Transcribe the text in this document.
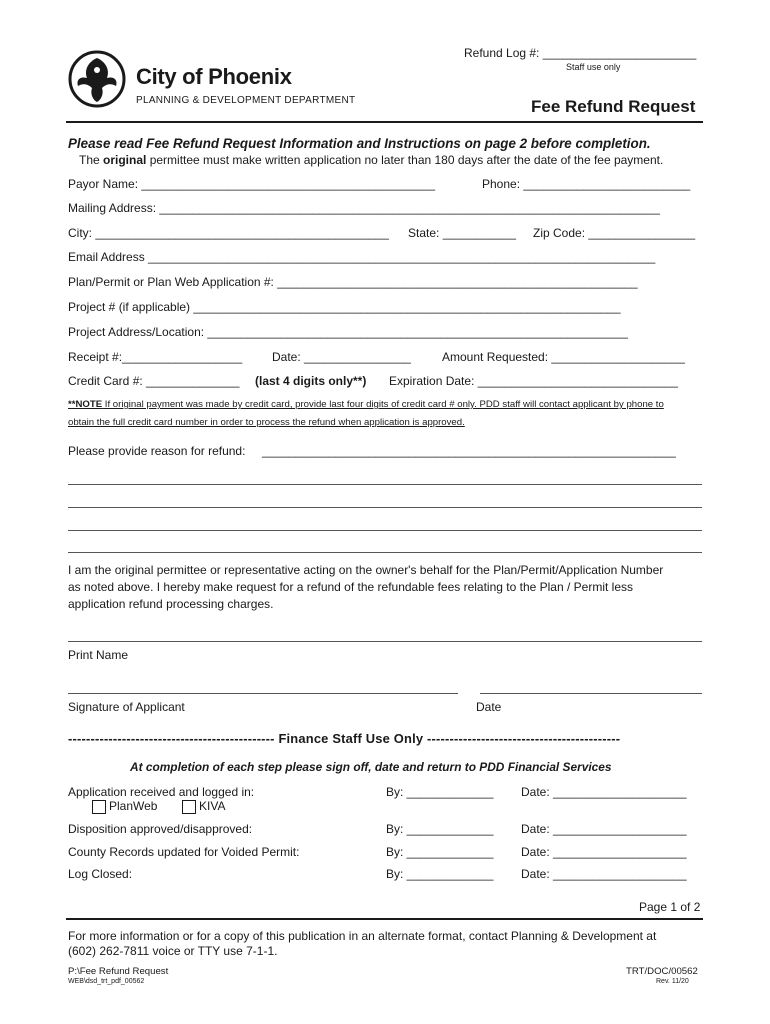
Refund Log #: _______________________
Staff use only
City of Phoenix
PLANNING & DEVELOPMENT DEPARTMENT	Fee Refund Request
Please read Fee Refund Request Information and Instructions on page 2 before completion.
The original permittee must make written application no later than 180 days after the date of the fee payment.
Payor Name: ____________________________________________	Phone: _________________________
Mailing Address: ___________________________________________________________________________
City: ____________________________________________ State: ___________ Zip Code: ________________
Email Address ____________________________________________________________________________
Plan/Permit or Plan Web Application #: ______________________________________________________
Project # (if applicable) ________________________________________________________________
Project Address/Location: _______________________________________________________________
Receipt #:__________________ Date: ________________	Amount Requested: ____________________
Credit Card #: ______________ (last 4 digits only**) Expiration Date: ______________________________
**NOTE If original payment was made by credit card, provide last four digits of credit card # only. PDD staff will contact applicant by phone to
obtain the full credit card number in order to process the refund when application is approved.
Please provide reason for refund: ______________________________________________________________
I am the original permittee or representative acting on the owner's behalf for the Plan/Permit/Application Number
as noted above. I hereby make request for a refund of the refundable fees relating to the Plan / Permit less
application refund processing charges.
Print Name
Signature of Applicant	Date
---------------------------------------------- Finance Staff Use Only -------------------------------------------
At completion of each step please sign off, date and return to PDD Financial Services
Application received and logged in:	By: _____________ Date: ____________________
PlanWeb	KIVA
Disposition approved/disapproved:	By: _____________ Date: ____________________
County Records updated for Voided Permit:	By: _____________ Date: ____________________
Log Closed:	By: _____________ Date: ____________________
Page 1 of 2
For more information or for a copy of this publication in an alternate format, contact Planning & Development at
(602) 262-7811 voice or TTY use 7-1-1.
P:\Fee Refund Request
WEB\dsd_trt_pdf_00562
TRT/DOC/00562
Rev. 11/20
